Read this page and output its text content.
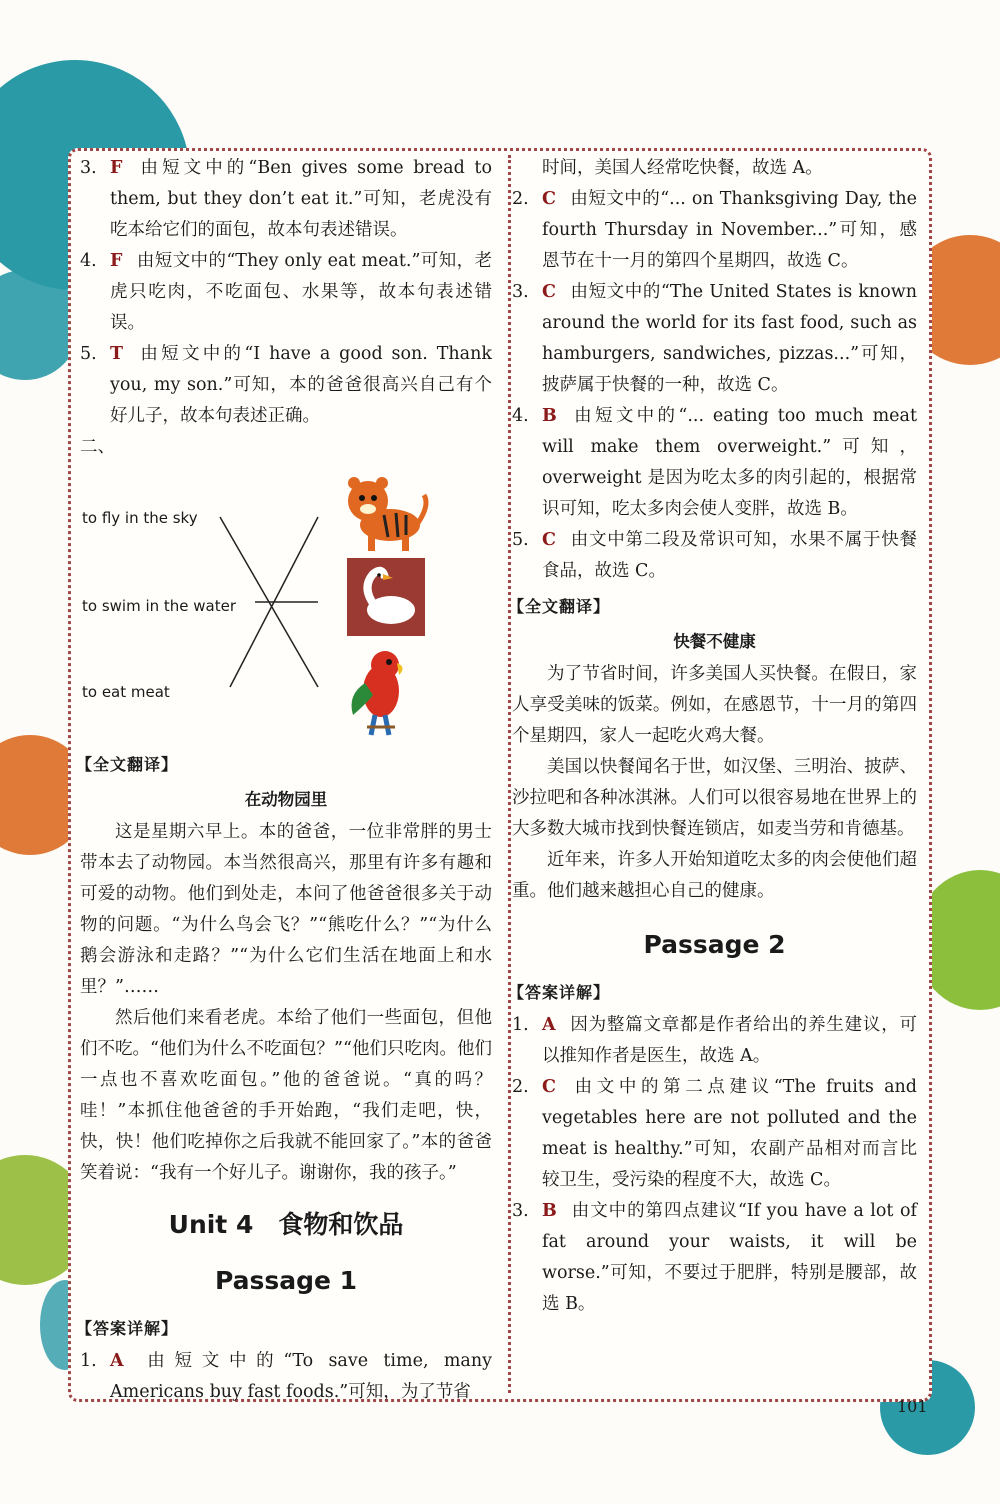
3. F 由短文中的“Ben gives some bread to them, but they don’t eat it.”可知，老虎没有吃本给它们的面包，故本句表述错误。
4. F 由短文中的“They only eat meat.”可知，老虎只吃肉，不吃面包、水果等，故本句表述错误。
5. T 由短文中的“I have a good son. Thank you, my son.”可知，本的爸爸很高兴自己有个好儿子，故本句表述正确。
二、
to fly in the sky
to swim in the water
to eat meat
【全文翻译】
在动物园里
这是星期六早上。本的爸爸，一位非常胖的男士带本去了动物园。本当然很高兴，那里有许多有趣和可爱的动物。他们到处走，本问了他爸爸很多关于动物的问题。“为什么鸟会飞？”“熊吃什么？”“为什么鹅会游泳和走路？”“为什么它们生活在地面上和水里？”……
然后他们来看老虎。本给了他们一些面包，但他们不吃。“他们为什么不吃面包？”“他们只吃肉。他们一点也不喜欢吃面包。”他的爸爸说。“真的吗？哇！”本抓住他爸爸的手开始跑，“我们走吧，快，快，快！他们吃掉你之后我就不能回家了。”本的爸爸笑着说：“我有一个好儿子。谢谢你，我的孩子。”
Unit 4　食物和饮品
Passage 1
【答案详解】
1. A 由短文中的“To save time, many Americans buy fast foods.”可知，为了节省
时间，美国人经常吃快餐，故选 A。
2. C 由短文中的“... on Thanksgiving Day, the fourth Thursday in November...”可知，感恩节在十一月的第四个星期四，故选 C。
3. C 由短文中的“The United States is known around the world for its fast food, such as hamburgers, sandwiches, pizzas...”可知，披萨属于快餐的一种，故选 C。
4. B 由短文中的“... eating too much meat will make them overweight.”可知，overweight 是因为吃太多的肉引起的，根据常识可知，吃太多肉会使人变胖，故选 B。
5. C 由文中第二段及常识可知，水果不属于快餐食品，故选 C。
【全文翻译】
快餐不健康
为了节省时间，许多美国人买快餐。在假日，家人享受美味的饭菜。例如，在感恩节，十一月的第四个星期四，家人一起吃火鸡大餐。
美国以快餐闻名于世，如汉堡、三明治、披萨、沙拉吧和各种冰淇淋。人们可以很容易地在世界上的大多数大城市找到快餐连锁店，如麦当劳和肯德基。
近年来，许多人开始知道吃太多的肉会使他们超重。他们越来越担心自己的健康。
Passage 2
【答案详解】
1. A 因为整篇文章都是作者给出的养生建议，可以推知作者是医生，故选 A。
2. C 由文中的第二点建议“The fruits and vegetables here are not polluted and the meat is healthy.”可知，农副产品相对而言比较卫生，受污染的程度不大，故选 C。
3. B 由文中的第四点建议“If you have a lot of fat around your waists, it will be worse.”可知，不要过于肥胖，特别是腰部，故选 B。
101
